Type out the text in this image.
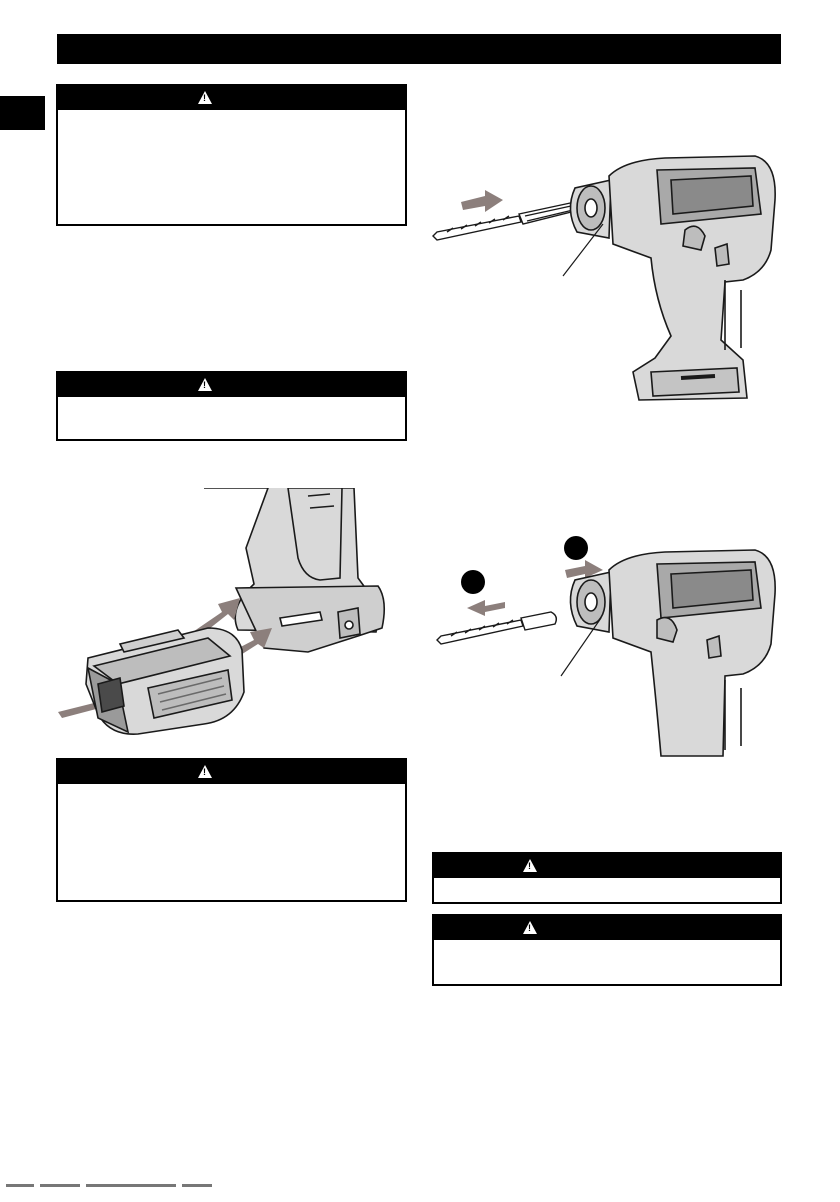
!
!
!
!
!
